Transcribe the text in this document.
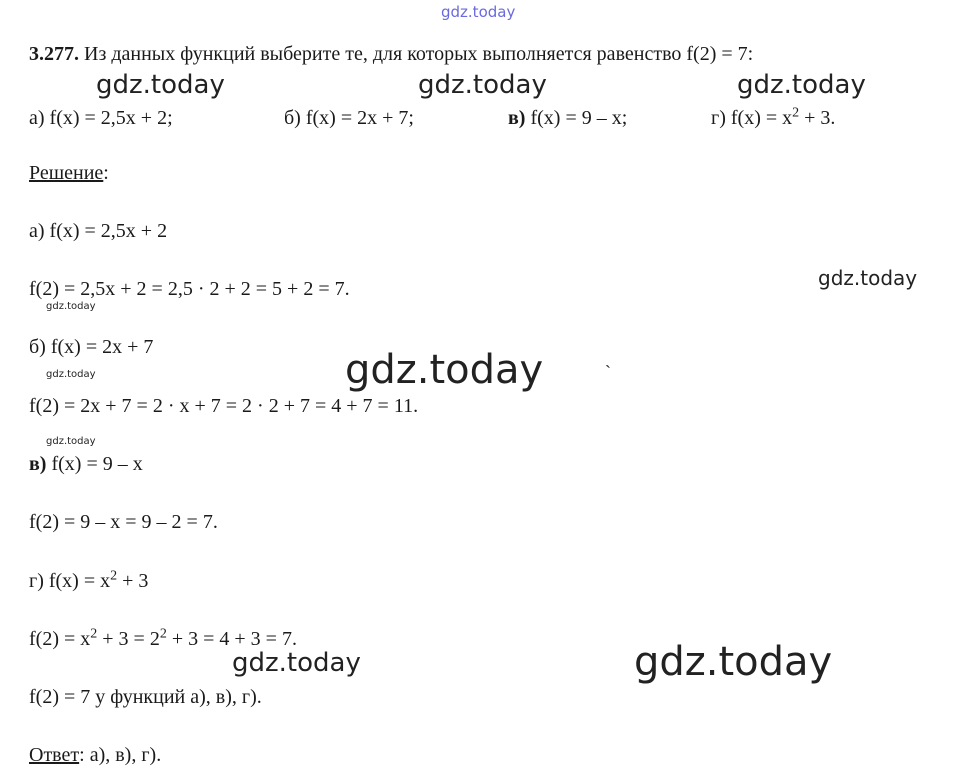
gdz.today
gdz.today	gdz.today	gdz.today
gdz.today
gdz.today
gdz.today
gdz.today
gdz.today
gdz.today	gdz.today
ˋ
3.277. Из данных функций выберите те, для которых выполняется равенство f(2) = 7:
а) f(x) = 2,5x + 2;	б) f(x) = 2x + 7;	в) f(x) = 9 – x;	г) $f(x) = x^2 + 3$.
Решение:
а) f(x) = 2,5x + 2
f(2) = 2,5x + 2 = 2,5 · 2 + 2 = 5 + 2 = 7.
б) f(x) = 2x + 7
f(2) = 2x + 7 = 2 · x + 7 = 2 · 2 + 7 = 4 + 7 = 11.
в) f(x) = 9 – x
f(2) = 9 – x = 9 – 2 = 7.
г) $f(x) = x^2 + 3$
$f(2) = x^2 + 3 = 2^2 + 3 = 4 + 3 = 7$.
f(2) = 7 у функций а), в), г).
Ответ: а), в), г).
